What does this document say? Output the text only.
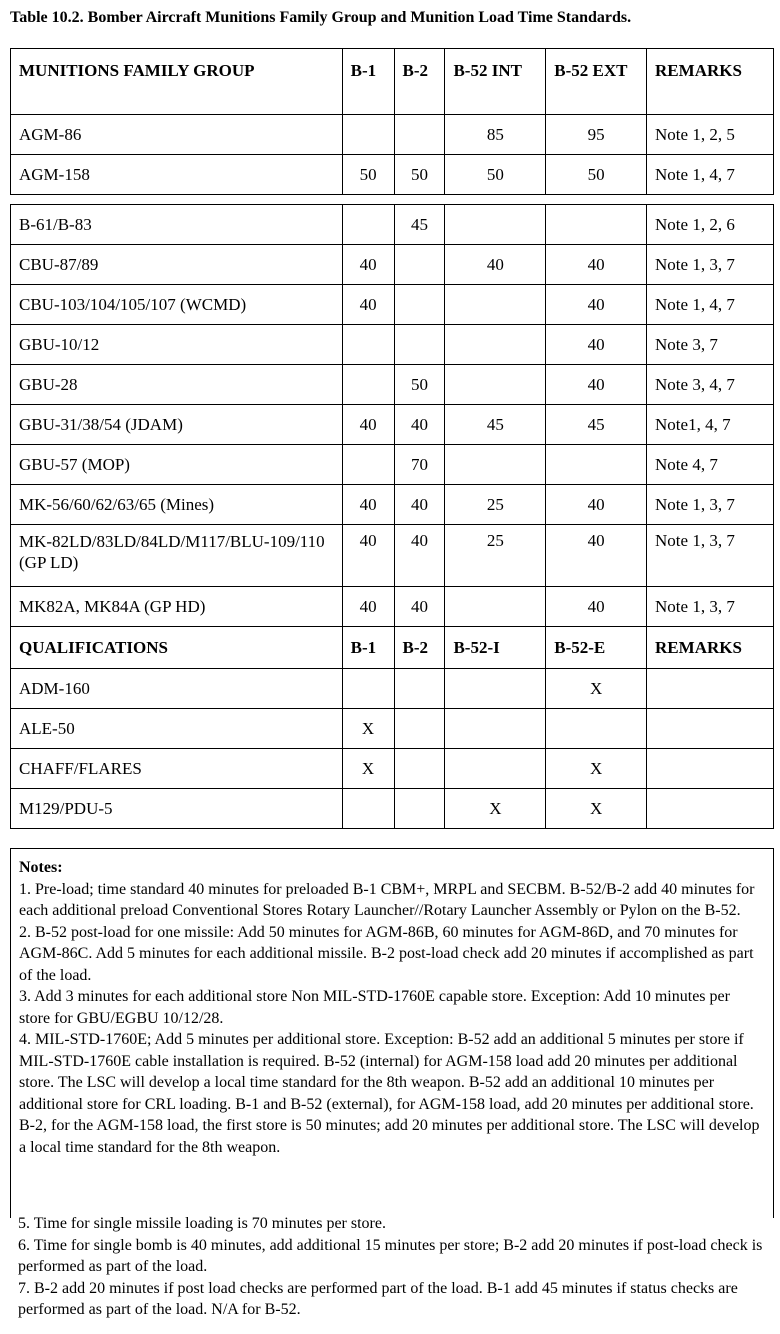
Table 10.2. Bomber Aircraft Munitions Family Group and Munition Load Time Standards.
MUNITIONS FAMILY GROUP	B-1	B-2	B-52 INT	B-52 EXT	REMARKS
AGM-86			85	95	Note 1, 2, 5
AGM-158	50	50	50	50	Note 1, 4, 7

B-61/B-83		45			Note 1, 2, 6
CBU-87/89	40		40	40	Note 1, 3, 7
CBU-103/104/105/107 (WCMD)	40			40	Note 1, 4, 7
GBU-10/12				40	Note 3, 7
GBU-28		50		40	Note 3, 4, 7
GBU-31/38/54 (JDAM)	40	40	45	45	Note1, 4, 7
GBU-57 (MOP)		70			Note 4, 7
MK-56/60/62/63/65 (Mines)	40	40	25	40	Note 1, 3, 7
MK-82LD/83LD/84LD/M117/BLU-109/110 (GP LD)	40	40	25	40	Note 1, 3, 7
MK82A, MK84A (GP HD)	40	40		40	Note 1, 3, 7
QUALIFICATIONS	B-1	B-2	B-52-I	B-52-E	REMARKS
ADM-160				X	
ALE-50	X				
CHAFF/FLARES	X			X	
M129/PDU-5			X	X	

Notes:

1. Pre-load; time standard 40 minutes for preloaded B-1 CBM+, MRPL and SECBM. B-52/B-2 add 40 minutes for each additional preload Conventional Stores Rotary Launcher//Rotary Launcher Assembly or Pylon on the B-52.

2. B-52 post-load for one missile: Add 50 minutes for AGM-86B, 60 minutes for AGM-86D, and 70 minutes for AGM-86C. Add 5 minutes for each additional missile. B-2 post-load check add 20 minutes if accomplished as part of the load.

3. Add 3 minutes for each additional store Non MIL-STD-1760E capable store. Exception: Add 10 minutes per store for GBU/EGBU 10/12/28.

4. MIL-STD-1760E; Add 5 minutes per additional store. Exception: B-52 add an additional 5 minutes per store if MIL-STD-1760E cable installation is required. B-52 (internal) for AGM-158 load add 20 minutes per additional store. The LSC will develop a local time standard for the 8th weapon. B-52 add an additional 10 minutes per additional store for CRL loading. B-1 and B-52 (external), for AGM-158 load, add 20 minutes per additional store. B-2, for the AGM-158 load, the first store is 50 minutes; add 20 minutes per additional store. The LSC will develop a local time standard for the 8th weapon.

5. Time for single missile loading is 70 minutes per store.

6. Time for single bomb is 40 minutes, add additional 15 minutes per store; B-2 add 20 minutes if post-load check is performed as part of the load.

7. B-2 add 20 minutes if post load checks are performed part of the load. B-1 add 45 minutes if status checks are performed as part of the load. N/A for B-52.
